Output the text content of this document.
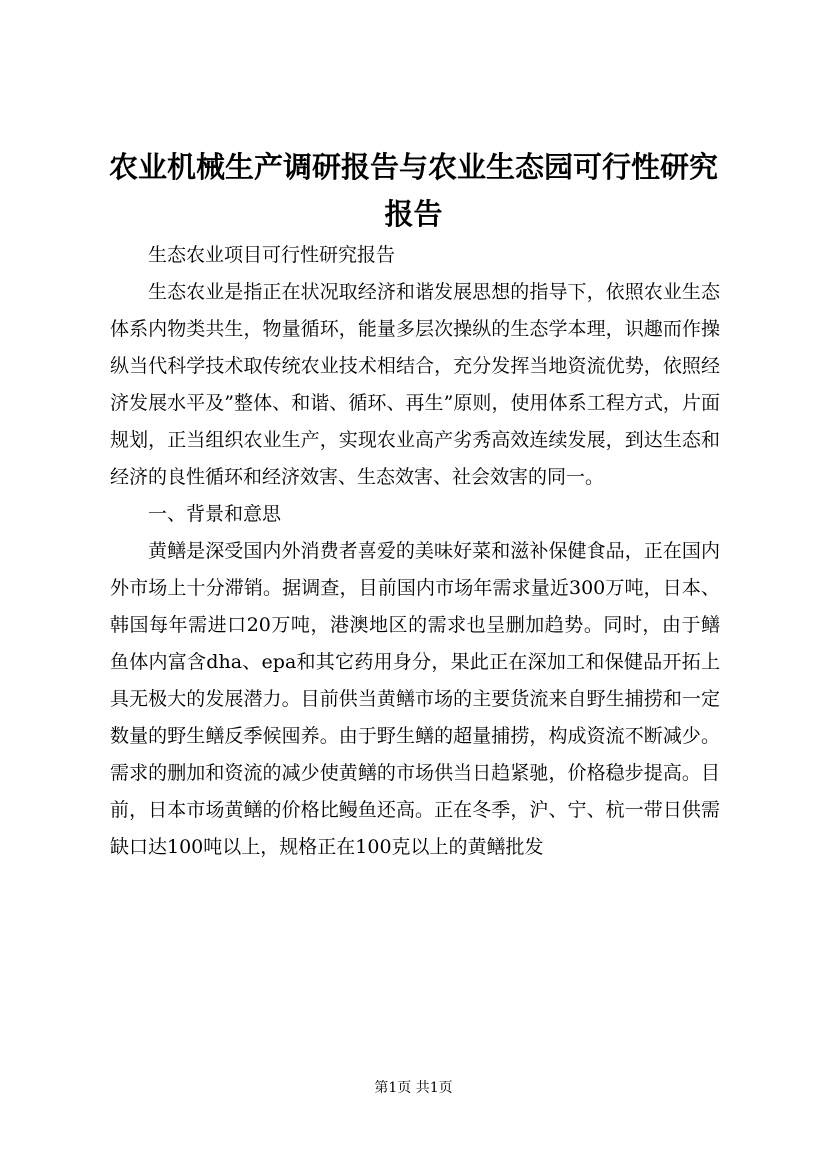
农业机械生产调研报告与农业生态园可行性研究报告

生态农业项目可行性研究报告

生态农业是指正在状况取经济和谐发展思想的指导下，依照农业生态体系内物类共生，物量循环，能量多层次操纵的生态学本理，识趣而作操纵当代科学技术取传统农业技术相结合，充分发挥当地资流优势，依照经济发展水平及”整体、和谐、循环、再生”原则，使用体系工程方式，片面规划，正当组织农业生产，实现农业高产劣秀高效连续发展，到达生态和经济的良性循环和经济效害、生态效害、社会效害的同一。

一、背景和意思

黄鳝是深受国内外消费者喜爱的美味好菜和滋补保健食品，正在国内外市场上十分滞销。据调查，目前国内市场年需求量近300万吨，日本、韩国每年需进口20万吨，港澳地区的需求也呈删加趋势。同时，由于鳝鱼体内富含dha、epa和其它药用身分，果此正在深加工和保健品开拓上具无极大的发展潜力。目前供当黄鳝市场的主要货流来自野生捕捞和一定数量的野生鳝反季候囤养。由于野生鳝的超量捕捞，构成资流不断减少。需求的删加和资流的减少使黄鳝的市场供当日趋紧驰，价格稳步提高。目前，日本市场黄鳝的价格比鳗鱼还高。正在冬季，沪、宁、杭一带日供需缺口达100吨以上，规格正在100克以上的黄鳝批发

第1页 共1页
